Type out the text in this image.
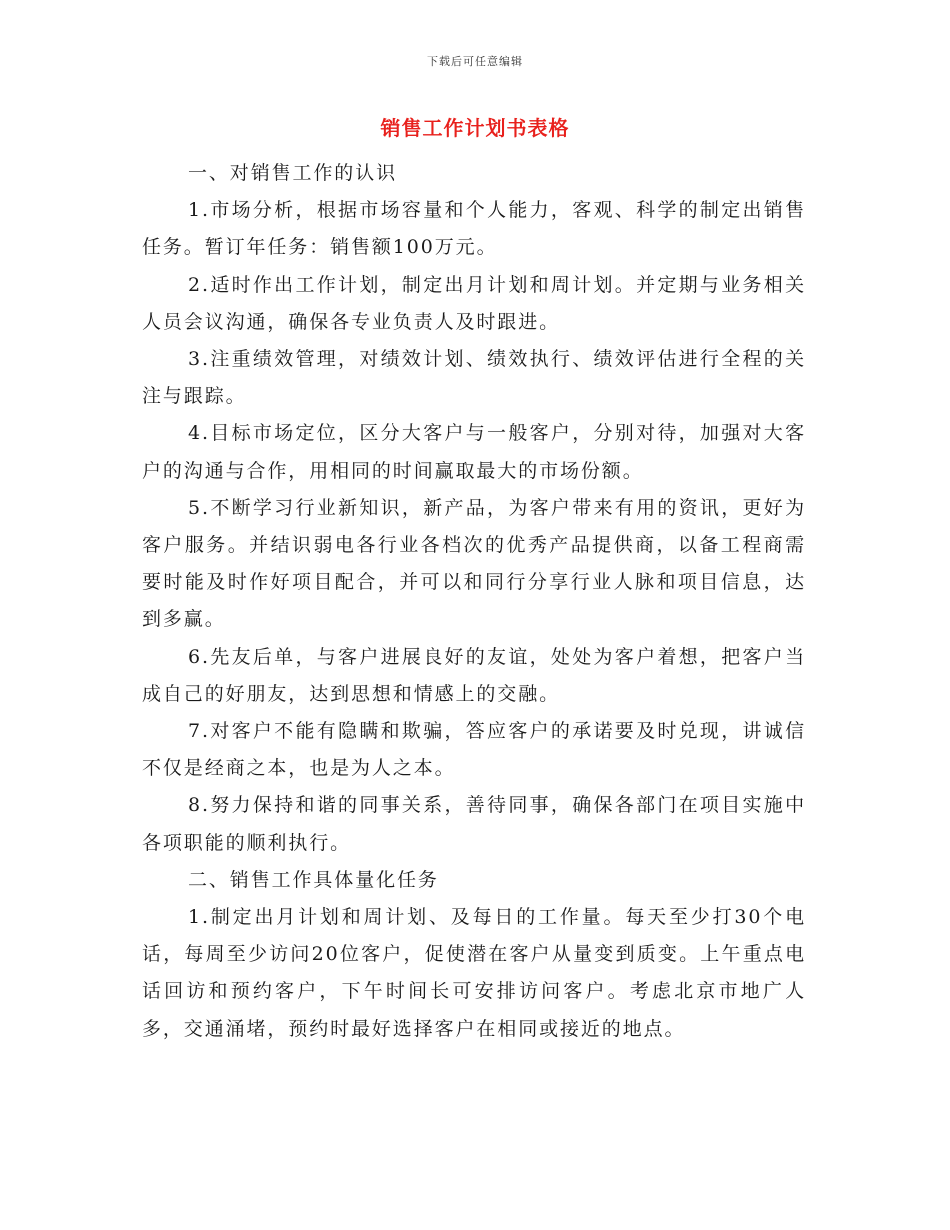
下载后可任意编辑
销售工作计划书表格

一、对销售工作的认识

1.市场分析，根据市场容量和个人能力，客观、科学的制定出销售任务。暂订年任务：销售额100万元。

2.适时作出工作计划，制定出月计划和周计划。并定期与业务相关人员会议沟通，确保各专业负责人及时跟进。

3.注重绩效管理，对绩效计划、绩效执行、绩效评估进行全程的关注与跟踪。

4.目标市场定位，区分大客户与一般客户，分别对待，加强对大客户的沟通与合作，用相同的时间赢取最大的市场份额。

5.不断学习行业新知识，新产品，为客户带来有用的资讯，更好为客户服务。并结识弱电各行业各档次的优秀产品提供商，以备工程商需要时能及时作好项目配合，并可以和同行分享行业人脉和项目信息，达到多赢。

6.先友后单，与客户进展良好的友谊，处处为客户着想，把客户当成自己的好朋友，达到思想和情感上的交融。

7.对客户不能有隐瞒和欺骗，答应客户的承诺要及时兑现，讲诚信不仅是经商之本，也是为人之本。

8.努力保持和谐的同事关系，善待同事，确保各部门在项目实施中各项职能的顺利执行。

二、销售工作具体量化任务

1.制定出月计划和周计划、及每日的工作量。每天至少打30个电话，每周至少访问20位客户，促使潜在客户从量变到质变。上午重点电话回访和预约客户，下午时间长可安排访问客户。考虑北京市地广人多，交通涌堵，预约时最好选择客户在相同或接近的地点。
